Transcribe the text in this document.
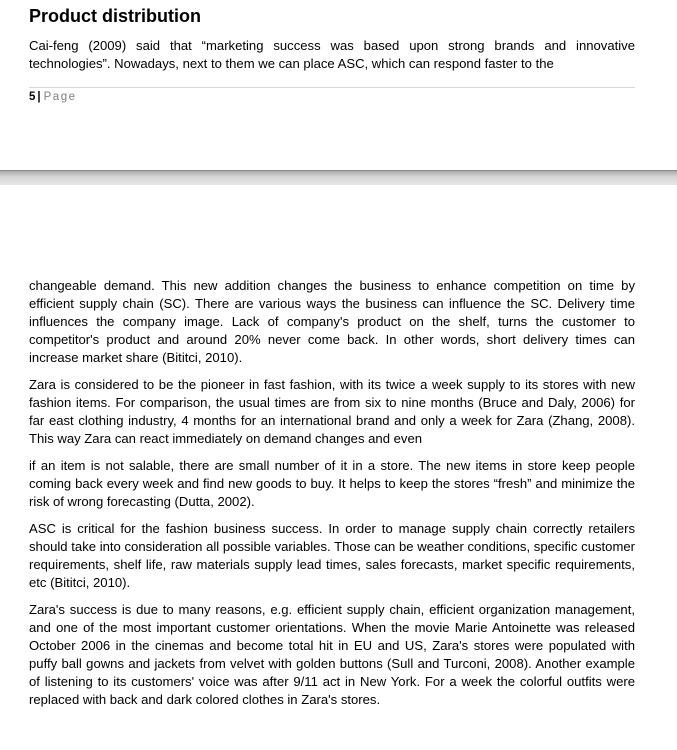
Product distribution

Cai-feng (2009) said that “marketing success was based upon strong brands and innovative technologies”. Nowadays, next to them we can place ASC, which can respond faster to the

5 | Page

changeable demand. This new addition changes the business to enhance competition on time by efficient supply chain (SC). There are various ways the business can influence the SC. Delivery time influences the company image. Lack of company's product on the shelf, turns the customer to competitor's product and around 20% never come back. In other words, short delivery times can increase market share (Bititci, 2010).

Zara is considered to be the pioneer in fast fashion, with its twice a week supply to its stores with new fashion items. For comparison, the usual times are from six to nine months (Bruce and Daly, 2006) for far east clothing industry, 4 months for an international brand and only a week for Zara (Zhang, 2008). This way Zara can react immediately on demand changes and even

if an item is not salable, there are small number of it in a store. The new items in store keep people coming back every week and find new goods to buy. It helps to keep the stores “fresh” and minimize the risk of wrong forecasting (Dutta, 2002).

ASC is critical for the fashion business success. In order to manage supply chain correctly retailers should take into consideration all possible variables. Those can be weather conditions, specific customer requirements, shelf life, raw materials supply lead times, sales forecasts, market specific requirements, etc (Bititci, 2010).

Zara's success is due to many reasons, e.g. efficient supply chain, efficient organization management, and one of the most important customer orientations. When the movie Marie Antoinette was released October 2006 in the cinemas and become total hit in EU and US, Zara's stores were populated with puffy ball gowns and jackets from velvet with golden buttons (Sull and Turconi, 2008). Another example of listening to its customers' voice was after 9/11 act in New York. For a week the colorful outfits were replaced with back and dark colored clothes in Zara's stores.
